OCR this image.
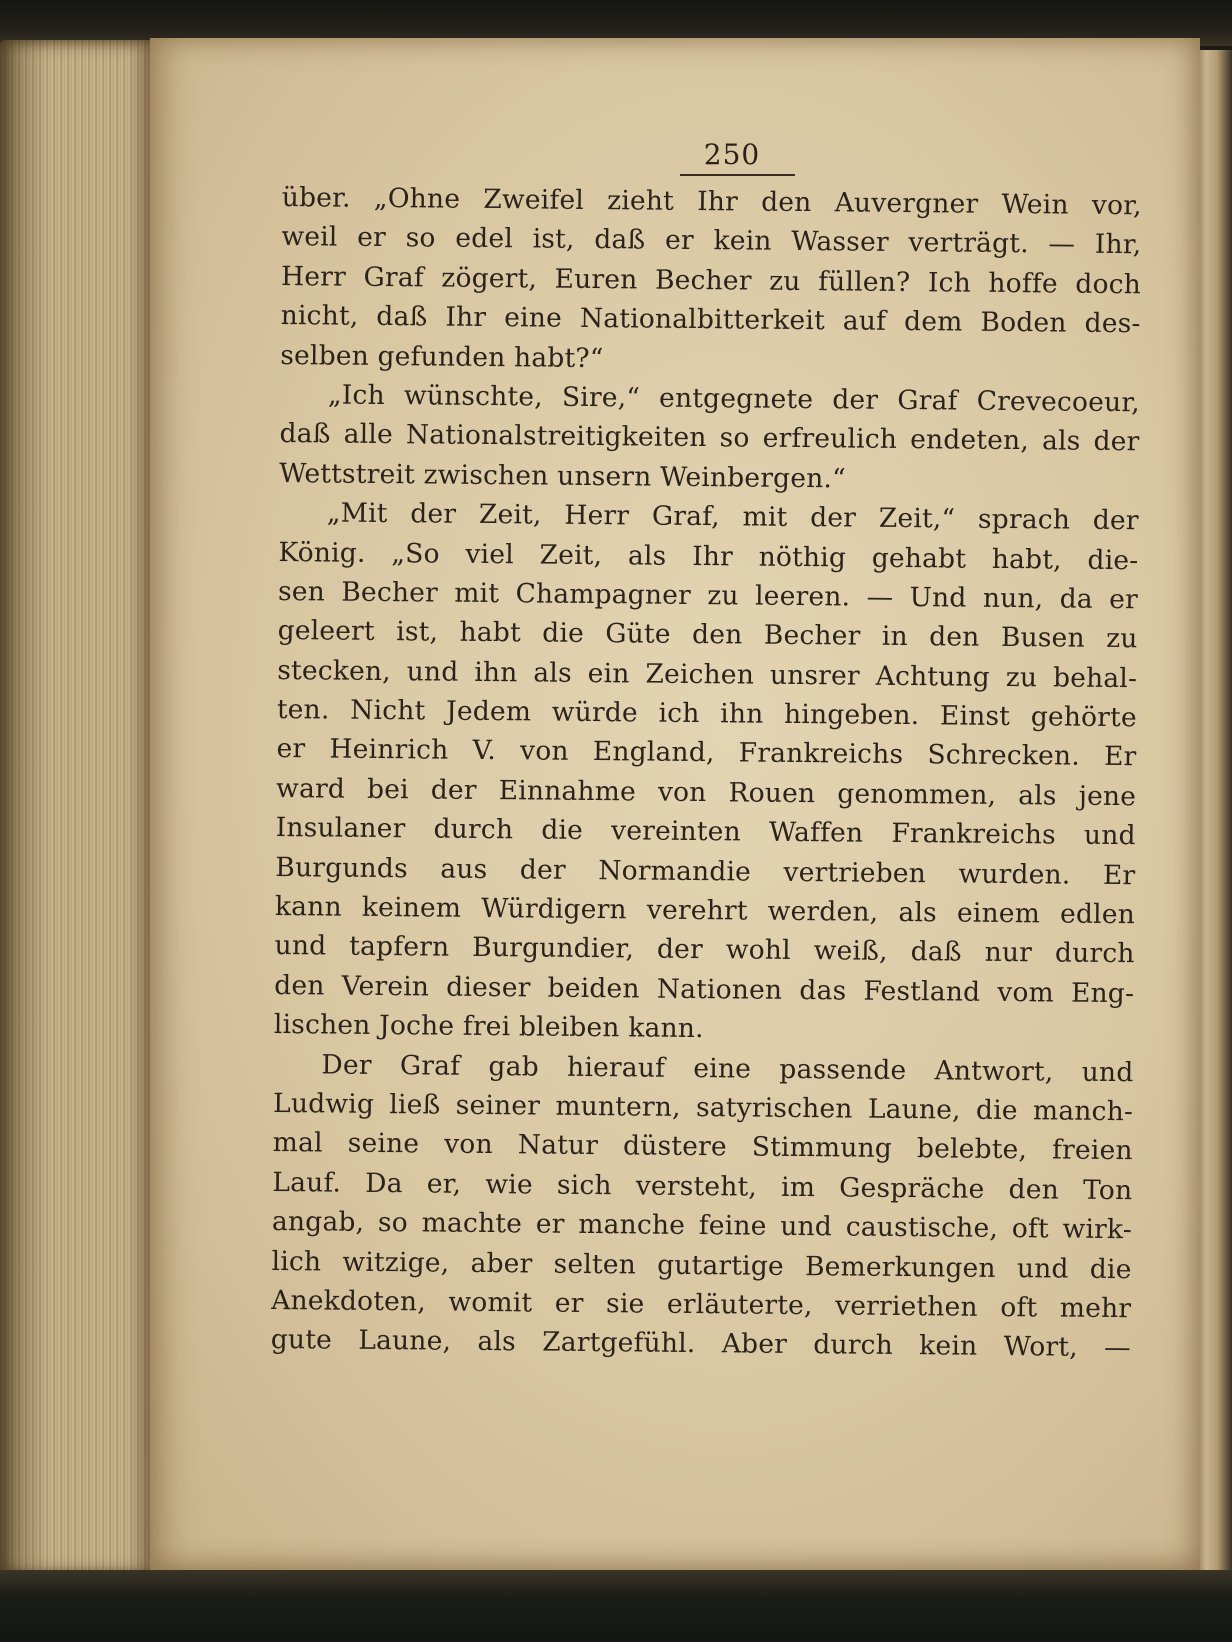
250

über. „Ohne Zweifel zieht Ihr den Auvergner Wein vor,

weil er so edel ist, daß er kein Wasser verträgt. — Ihr,

Herr Graf zögert, Euren Becher zu füllen? Ich hoffe doch

nicht, daß Ihr eine Nationalbitterkeit auf dem Boden des-

selben gefunden habt?“

„Ich wünschte, Sire,“ entgegnete der Graf Crevecoeur,

daß alle Nationalstreitigkeiten so erfreulich endeten, als der

Wettstreit zwischen unsern Weinbergen.“

„Mit der Zeit, Herr Graf, mit der Zeit,“ sprach der

König. „So viel Zeit, als Ihr nöthig gehabt habt, die-

sen Becher mit Champagner zu leeren. — Und nun, da er

geleert ist, habt die Güte den Becher in den Busen zu

stecken, und ihn als ein Zeichen unsrer Achtung zu behal-

ten. Nicht Jedem würde ich ihn hingeben. Einst gehörte

er Heinrich V. von England, Frankreichs Schrecken. Er

ward bei der Einnahme von Rouen genommen, als jene

Insulaner durch die vereinten Waffen Frankreichs und

Burgunds aus der Normandie vertrieben wurden. Er

kann keinem Würdigern verehrt werden, als einem edlen

und tapfern Burgundier, der wohl weiß, daß nur durch

den Verein dieser beiden Nationen das Festland vom Eng-

lischen Joche frei bleiben kann.

Der Graf gab hierauf eine passende Antwort, und

Ludwig ließ seiner muntern, satyrischen Laune, die manch-

mal seine von Natur düstere Stimmung belebte, freien

Lauf. Da er, wie sich versteht, im Gespräche den Ton

angab, so machte er manche feine und caustische, oft wirk-

lich witzige, aber selten gutartige Bemerkungen und die

Anekdoten, womit er sie erläuterte, verriethen oft mehr

gute Laune, als Zartgefühl. Aber durch kein Wort, —
